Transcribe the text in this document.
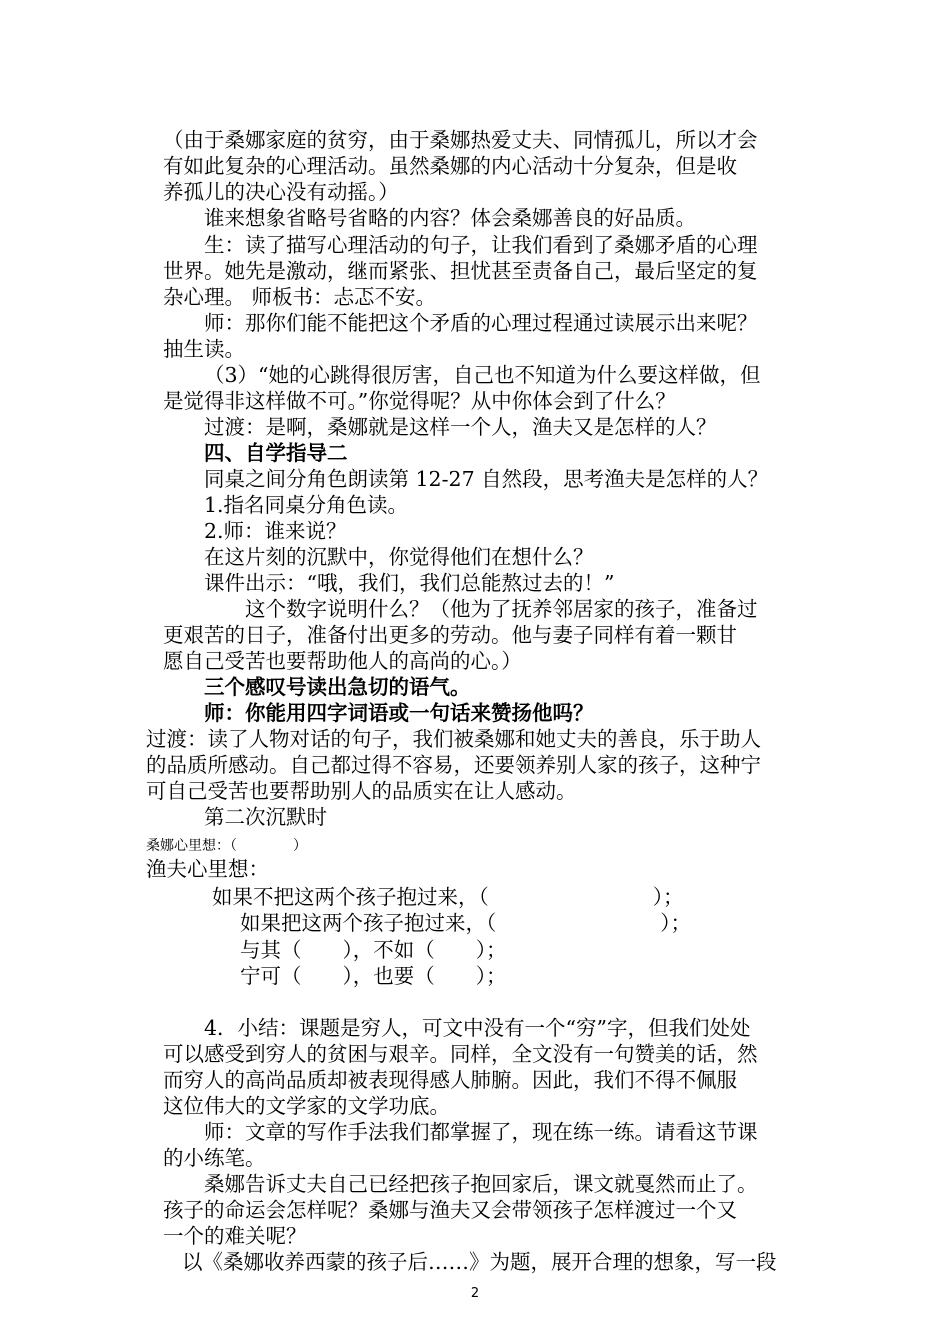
（由于桑娜家庭的贫穷，由于桑娜热爱丈夫、同情孤儿，所以才会
有如此复杂的心理活动。虽然桑娜的内心活动十分复杂，但是收
养孤儿的决心没有动摇。）
谁来想象省略号省略的内容？体会桑娜善良的好品质。
生：读了描写心理活动的句子，让我们看到了桑娜矛盾的心理
世界。她先是激动，继而紧张、担忧甚至责备自己，最后坚定的复
杂心理。 师板书：忐忑不安。
师：那你们能不能把这个矛盾的心理过程通过读展示出来呢？
抽生读。
（3）“她的心跳得很厉害，自己也不知道为什么要这样做，但
是觉得非这样做不可。”你觉得呢？从中你体会到了什么？
过渡：是啊，桑娜就是这样一个人，渔夫又是怎样的人？
四、自学指导二
同桌之间分角色朗读第 12-27 自然段，思考渔夫是怎样的人？
1.指名同桌分角色读。
2.师：谁来说？
在这片刻的沉默中，你觉得他们在想什么？
课件出示：“哦，我们，我们总能熬过去的！”
这个数字说明什么？（他为了抚养邻居家的孩子，准备过
更艰苦的日子，准备付出更多的劳动。他与妻子同样有着一颗甘
愿自己受苦也要帮助他人的高尚的心。）
三个感叹号读出急切的语气。
师：你能用四字词语或一句话来赞扬他吗？
过渡：读了人物对话的句子，我们被桑娜和她丈夫的善良，乐于助人
的品质所感动。自己都过得不容易，还要领养别人家的孩子，这种宁
可自己受苦也要帮助别人的品质实在让人感动。
第二次沉默时
桑娜心里想：（　　　　）
渔夫心里想：
如果不把这两个孩子抱过来，（　　　　　　　　）；
如果把这两个孩子抱过来，（　　　　　　　　）；
与其（　　），不如（　　）；
宁可（　　），也要（　　）；
4．小结：课题是穷人，可文中没有一个“穷”字，但我们处处
可以感受到穷人的贫困与艰辛。同样，全文没有一句赞美的话，然
而穷人的高尚品质却被表现得感人肺腑。因此，我们不得不佩服
这位伟大的文学家的文学功底。
师：文章的写作手法我们都掌握了，现在练一练。请看这节课
的小练笔。
桑娜告诉丈夫自己已经把孩子抱回家后，课文就戛然而止了。
孩子的命运会怎样呢？桑娜与渔夫又会带领孩子怎样渡过一个又
一个的难关呢？
以《桑娜收养西蒙的孩子后……》为题，展开合理的想象，写一段
2
